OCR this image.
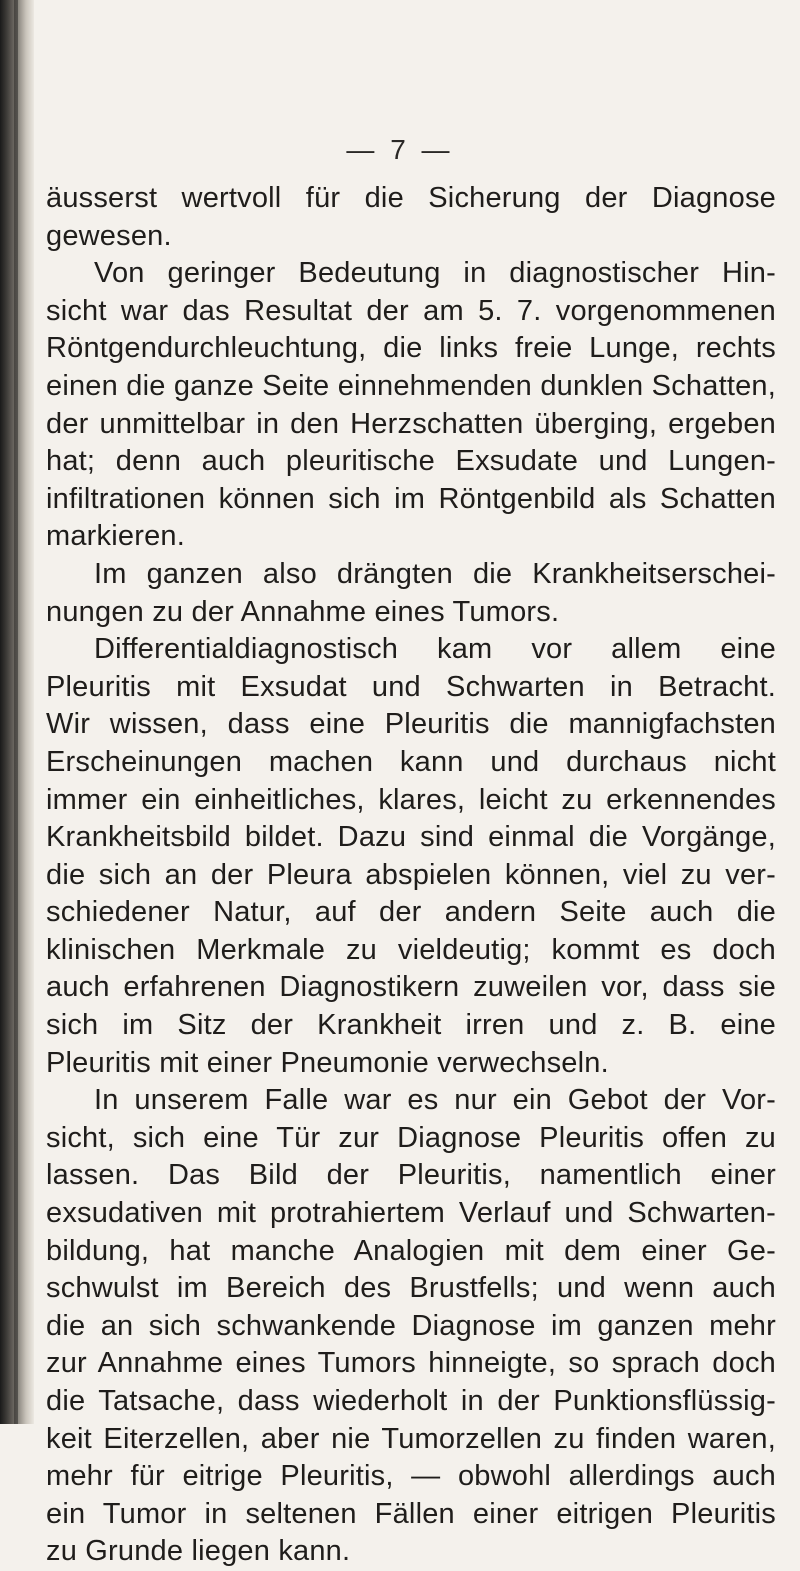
— 7 —
äusserst wertvoll für die Sicherung der Diagnose
gewesen.
Von geringer Bedeutung in diagnostischer Hin-
sicht war das Resultat der am 5. 7. vorgenommenen
Röntgendurchleuchtung, die links freie Lunge, rechts
einen die ganze Seite einnehmenden dunklen Schatten,
der unmittelbar in den Herzschatten überging, ergeben
hat; denn auch pleuritische Exsudate und Lungen-
infiltrationen können sich im Röntgenbild als Schatten
markieren.
Im ganzen also drängten die Krankheitserschei-
nungen zu der Annahme eines Tumors.
Differentialdiagnostisch kam vor allem eine
Pleuritis mit Exsudat und Schwarten in Betracht.
Wir wissen, dass eine Pleuritis die mannigfachsten
Erscheinungen machen kann und durchaus nicht
immer ein einheitliches, klares, leicht zu erkennendes
Krankheitsbild bildet. Dazu sind einmal die Vorgänge,
die sich an der Pleura abspielen können, viel zu ver-
schiedener Natur, auf der andern Seite auch die
klinischen Merkmale zu vieldeutig; kommt es doch
auch erfahrenen Diagnostikern zuweilen vor, dass sie
sich im Sitz der Krankheit irren und z. B. eine
Pleuritis mit einer Pneumonie verwechseln.
In unserem Falle war es nur ein Gebot der Vor-
sicht, sich eine Tür zur Diagnose Pleuritis offen zu
lassen. Das Bild der Pleuritis, namentlich einer
exsudativen mit protrahiertem Verlauf und Schwarten-
bildung, hat manche Analogien mit dem einer Ge-
schwulst im Bereich des Brustfells; und wenn auch
die an sich schwankende Diagnose im ganzen mehr
zur Annahme eines Tumors hinneigte, so sprach doch
die Tatsache, dass wiederholt in der Punktionsflüssig-
keit Eiterzellen, aber nie Tumorzellen zu finden waren,
mehr für eitrige Pleuritis, — obwohl allerdings auch
ein Tumor in seltenen Fällen einer eitrigen Pleuritis
zu Grunde liegen kann.
